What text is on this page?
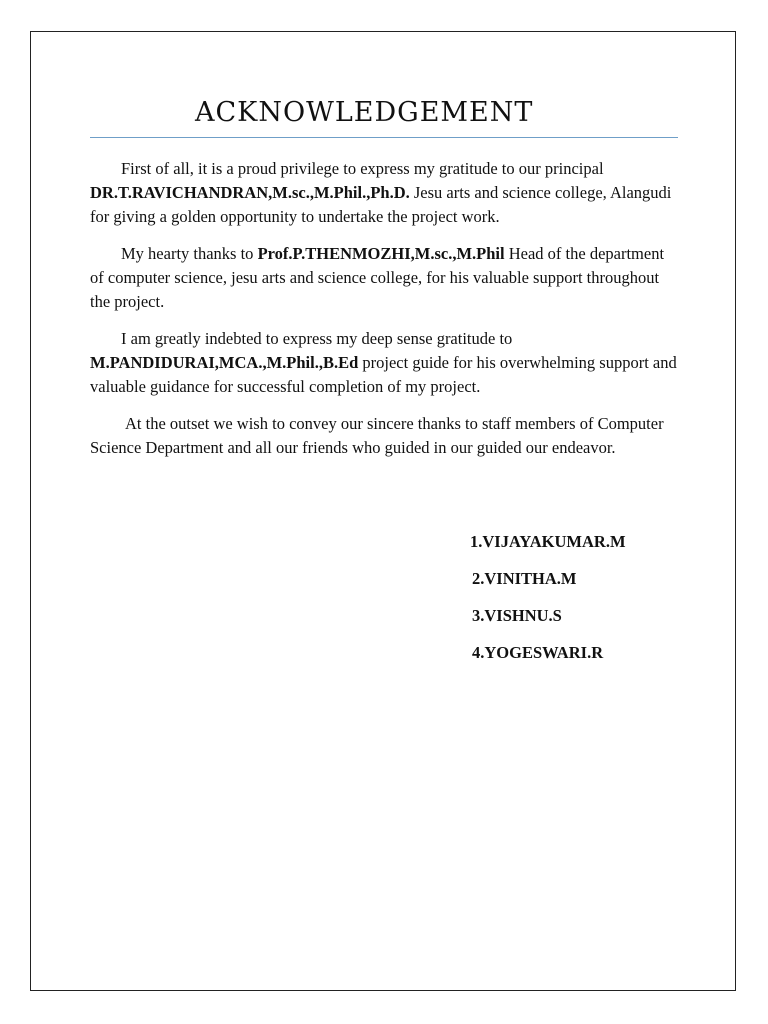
ACKNOWLEDGEMENT

First of all, it is a proud privilege to express my gratitude to our principal DR.T.RAVICHANDRAN,M.sc.,M.Phil.,Ph.D. Jesu arts and science college, Alangudi for giving a golden opportunity to undertake the project work.

My hearty thanks to Prof.P.THENMOZHI,M.sc.,M.Phil Head of the department of computer science, jesu arts and science college, for his valuable support throughout the project.

I am greatly indebted to express my deep sense gratitude to M.PANDIDURAI,MCA.,M.Phil.,B.Ed project guide for his overwhelming support and valuable guidance for successful completion of my project.

At the outset we wish to convey our sincere thanks to staff members of Computer Science Department and all our friends who guided in our guided our endeavor.

1.VIJAYAKUMAR.M
2.VINITHA.M
3.VISHNU.S
4.YOGESWARI.R
